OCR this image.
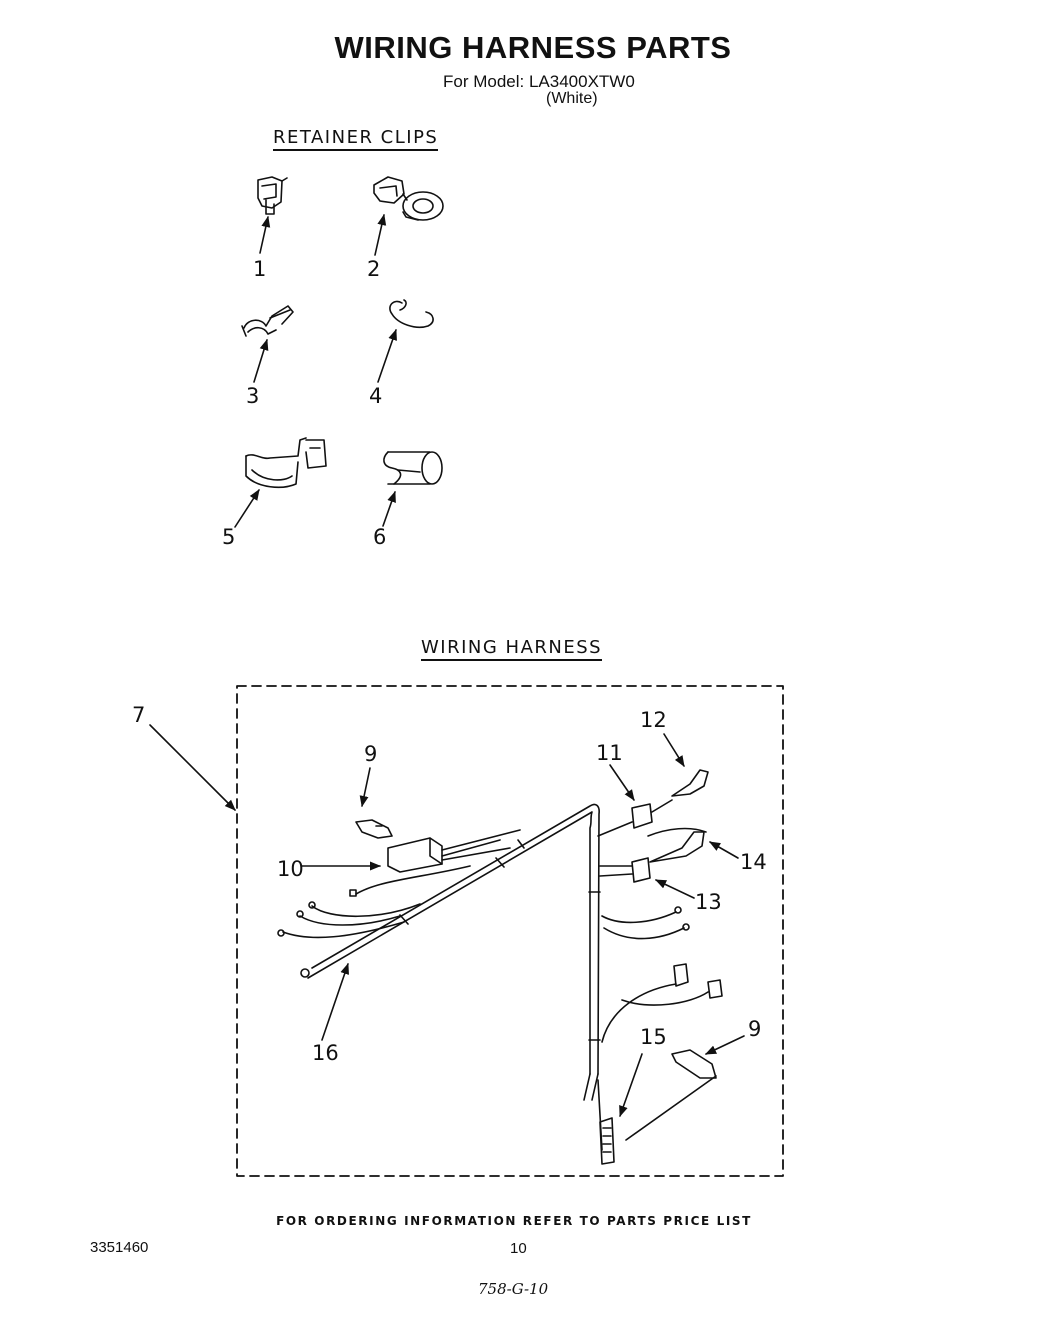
WIRING HARNESS PARTS
For Model: LA3400XTW0
(White)
RETAINER CLIPS
WIRING HARNESS
1	2
3	4
5	6
7
9
10
11
12
14
13
9
15
16
FOR ORDERING INFORMATION REFER TO PARTS PRICE LIST
3351460	10
758-G-10
